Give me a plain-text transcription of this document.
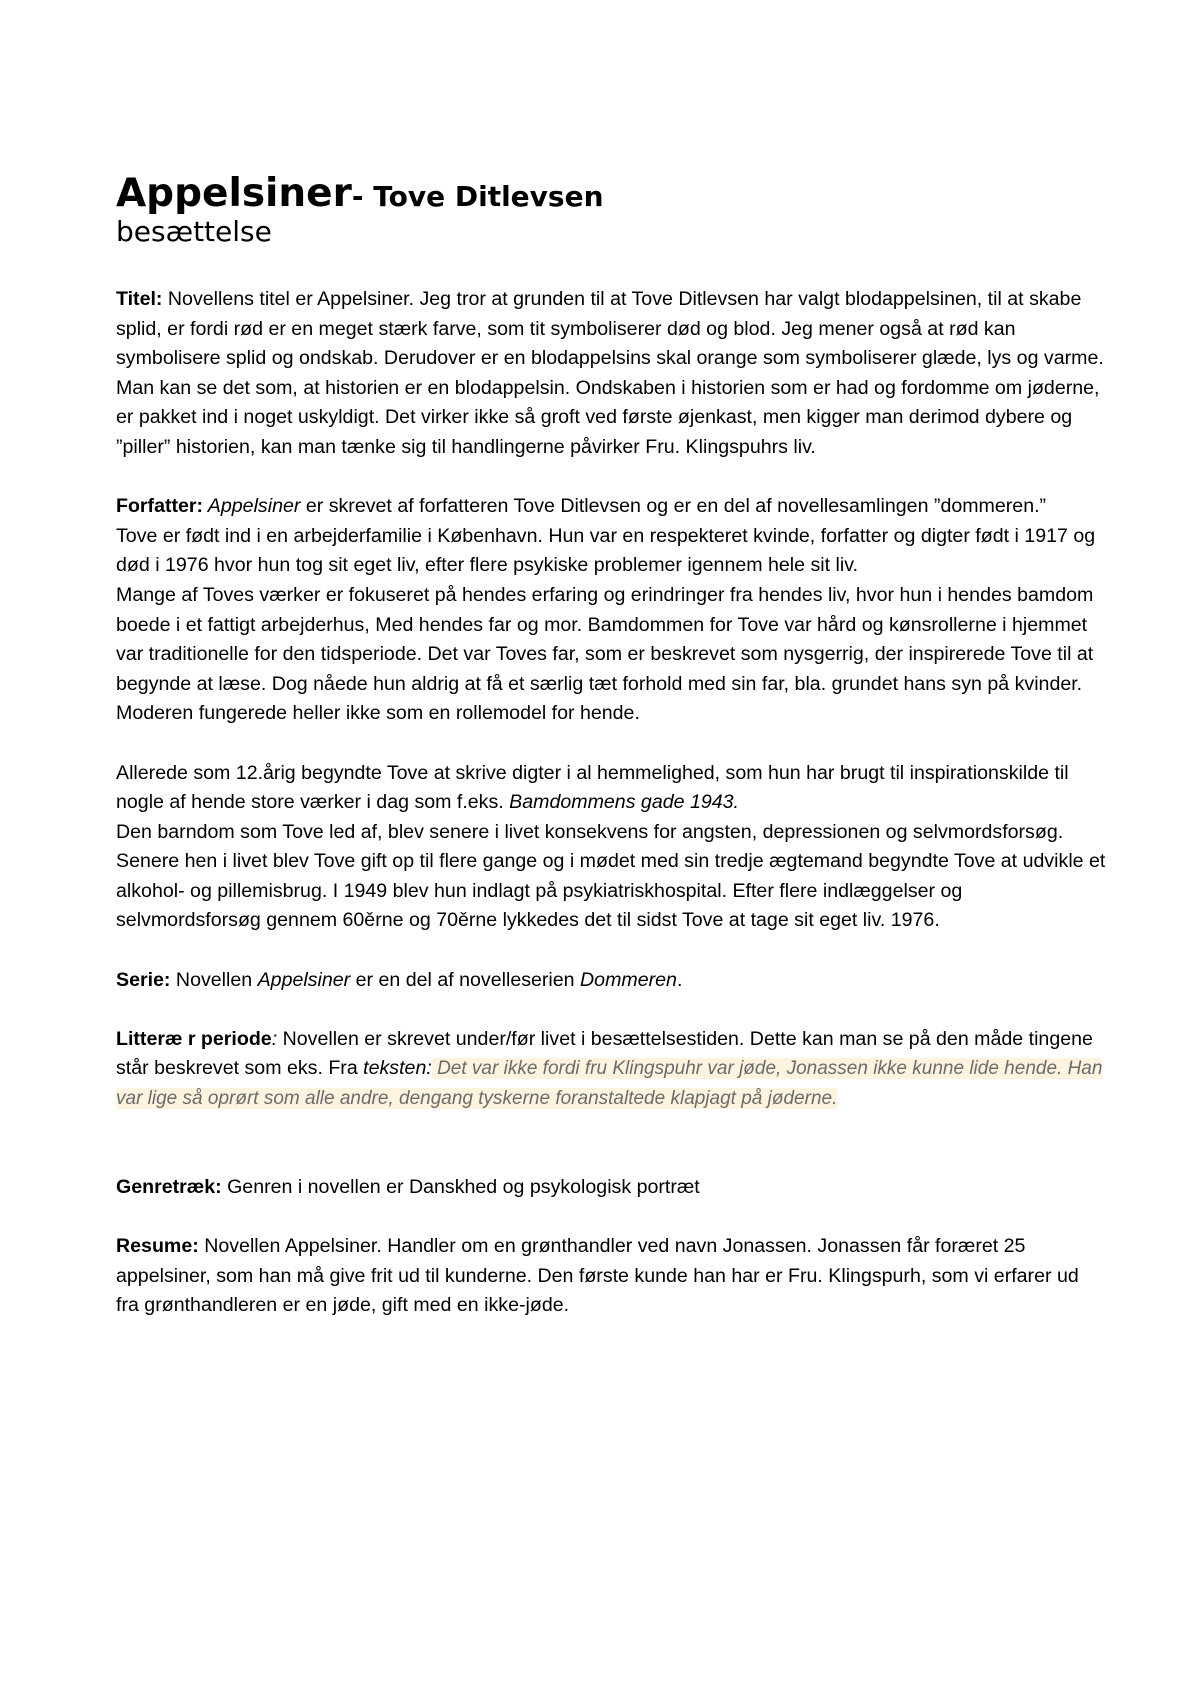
Appelsiner- Tove Ditlevsen

besættelse

Titel: Novellens titel er Appelsiner. Jeg tror at grunden til at Tove Ditlevsen har valgt blodappelsinen, til at skabe splid, er fordi rød er en meget stærk farve, som tit symboliserer død og blod. Jeg mener også at rød kan symbolisere splid og ondskab. Derudover er en blodappelsins skal orange som symboliserer glæde, lys og varme. Man kan se det som, at historien er en blodappelsin. Ondskaben i historien som er had og fordomme om jøderne, er pakket ind i noget uskyldigt. Det virker ikke så groft ved første øjenkast, men kigger man derimod dybere og ”piller” historien, kan man tænke sig til handlingerne påvirker Fru. Klingspuhrs liv.

Forfatter: Appelsiner er skrevet af forfatteren Tove Ditlevsen og er en del af novellesamlingen ”dommeren.”

Tove er født ind i en arbejderfamilie i København. Hun var en respekteret kvinde, forfatter og digter født i 1917 og død i 1976 hvor hun tog sit eget liv, efter flere psykiske problemer igennem hele sit liv.

Mange af Toves værker er fokuseret på hendes erfaring og erindringer fra hendes liv, hvor hun i hendes bamdom boede i et fattigt arbejderhus, Med hendes far og mor. Bamdommen for Tove var hård og kønsrollerne i hjemmet var traditionelle for den tidsperiode. Det var Toves far, som er beskrevet som nysgerrig, der inspirerede Tove til at begynde at læse. Dog nåede hun aldrig at få et særlig tæt forhold med sin far, bla. grundet hans syn på kvinder. Moderen fungerede heller ikke som en rollemodel for hende.

Allerede som 12.årig begyndte Tove at skrive digter i al hemmelighed, som hun har brugt til inspirationskilde til nogle af hende store værker i dag som f.eks. Bamdommens gade 1943.

Den barndom som Tove led af, blev senere i livet konsekvens for angsten, depressionen og selvmordsforsøg. Senere hen i livet blev Tove gift op til flere gange og i mødet med sin tredje ægtemand begyndte Tove at udvikle et alkohol- og pillemisbrug. I 1949 blev hun indlagt på psykiatriskhospital. Efter flere indlæggelser og selvmordsforsøg gennem 60ěrne og 70ěrne lykkedes det til sidst Tove at tage sit eget liv. 1976.

Serie: Novellen Appelsiner er en del af novelleserien Dommeren.

Litteræ r periode: Novellen er skrevet under/før livet i besættelsestiden. Dette kan man se på den måde tingene står beskrevet som eks. Fra teksten: Det var ikke fordi fru Klingspuhr var jøde, Jonassen ikke kunne lide hende. Han var lige så oprørt som alle andre, dengang tyskerne foranstaltede klapjagt på jøderne.

Genretræk: Genren i novellen er Danskhed og psykologisk portræt

Resume: Novellen Appelsiner. Handler om en grønthandler ved navn Jonassen. Jonassen får foræret 25 appelsiner, som han må give frit ud til kunderne. Den første kunde han har er Fru. Klingspurh, som vi erfarer ud fra grønthandleren er en jøde, gift med en ikke-jøde.
